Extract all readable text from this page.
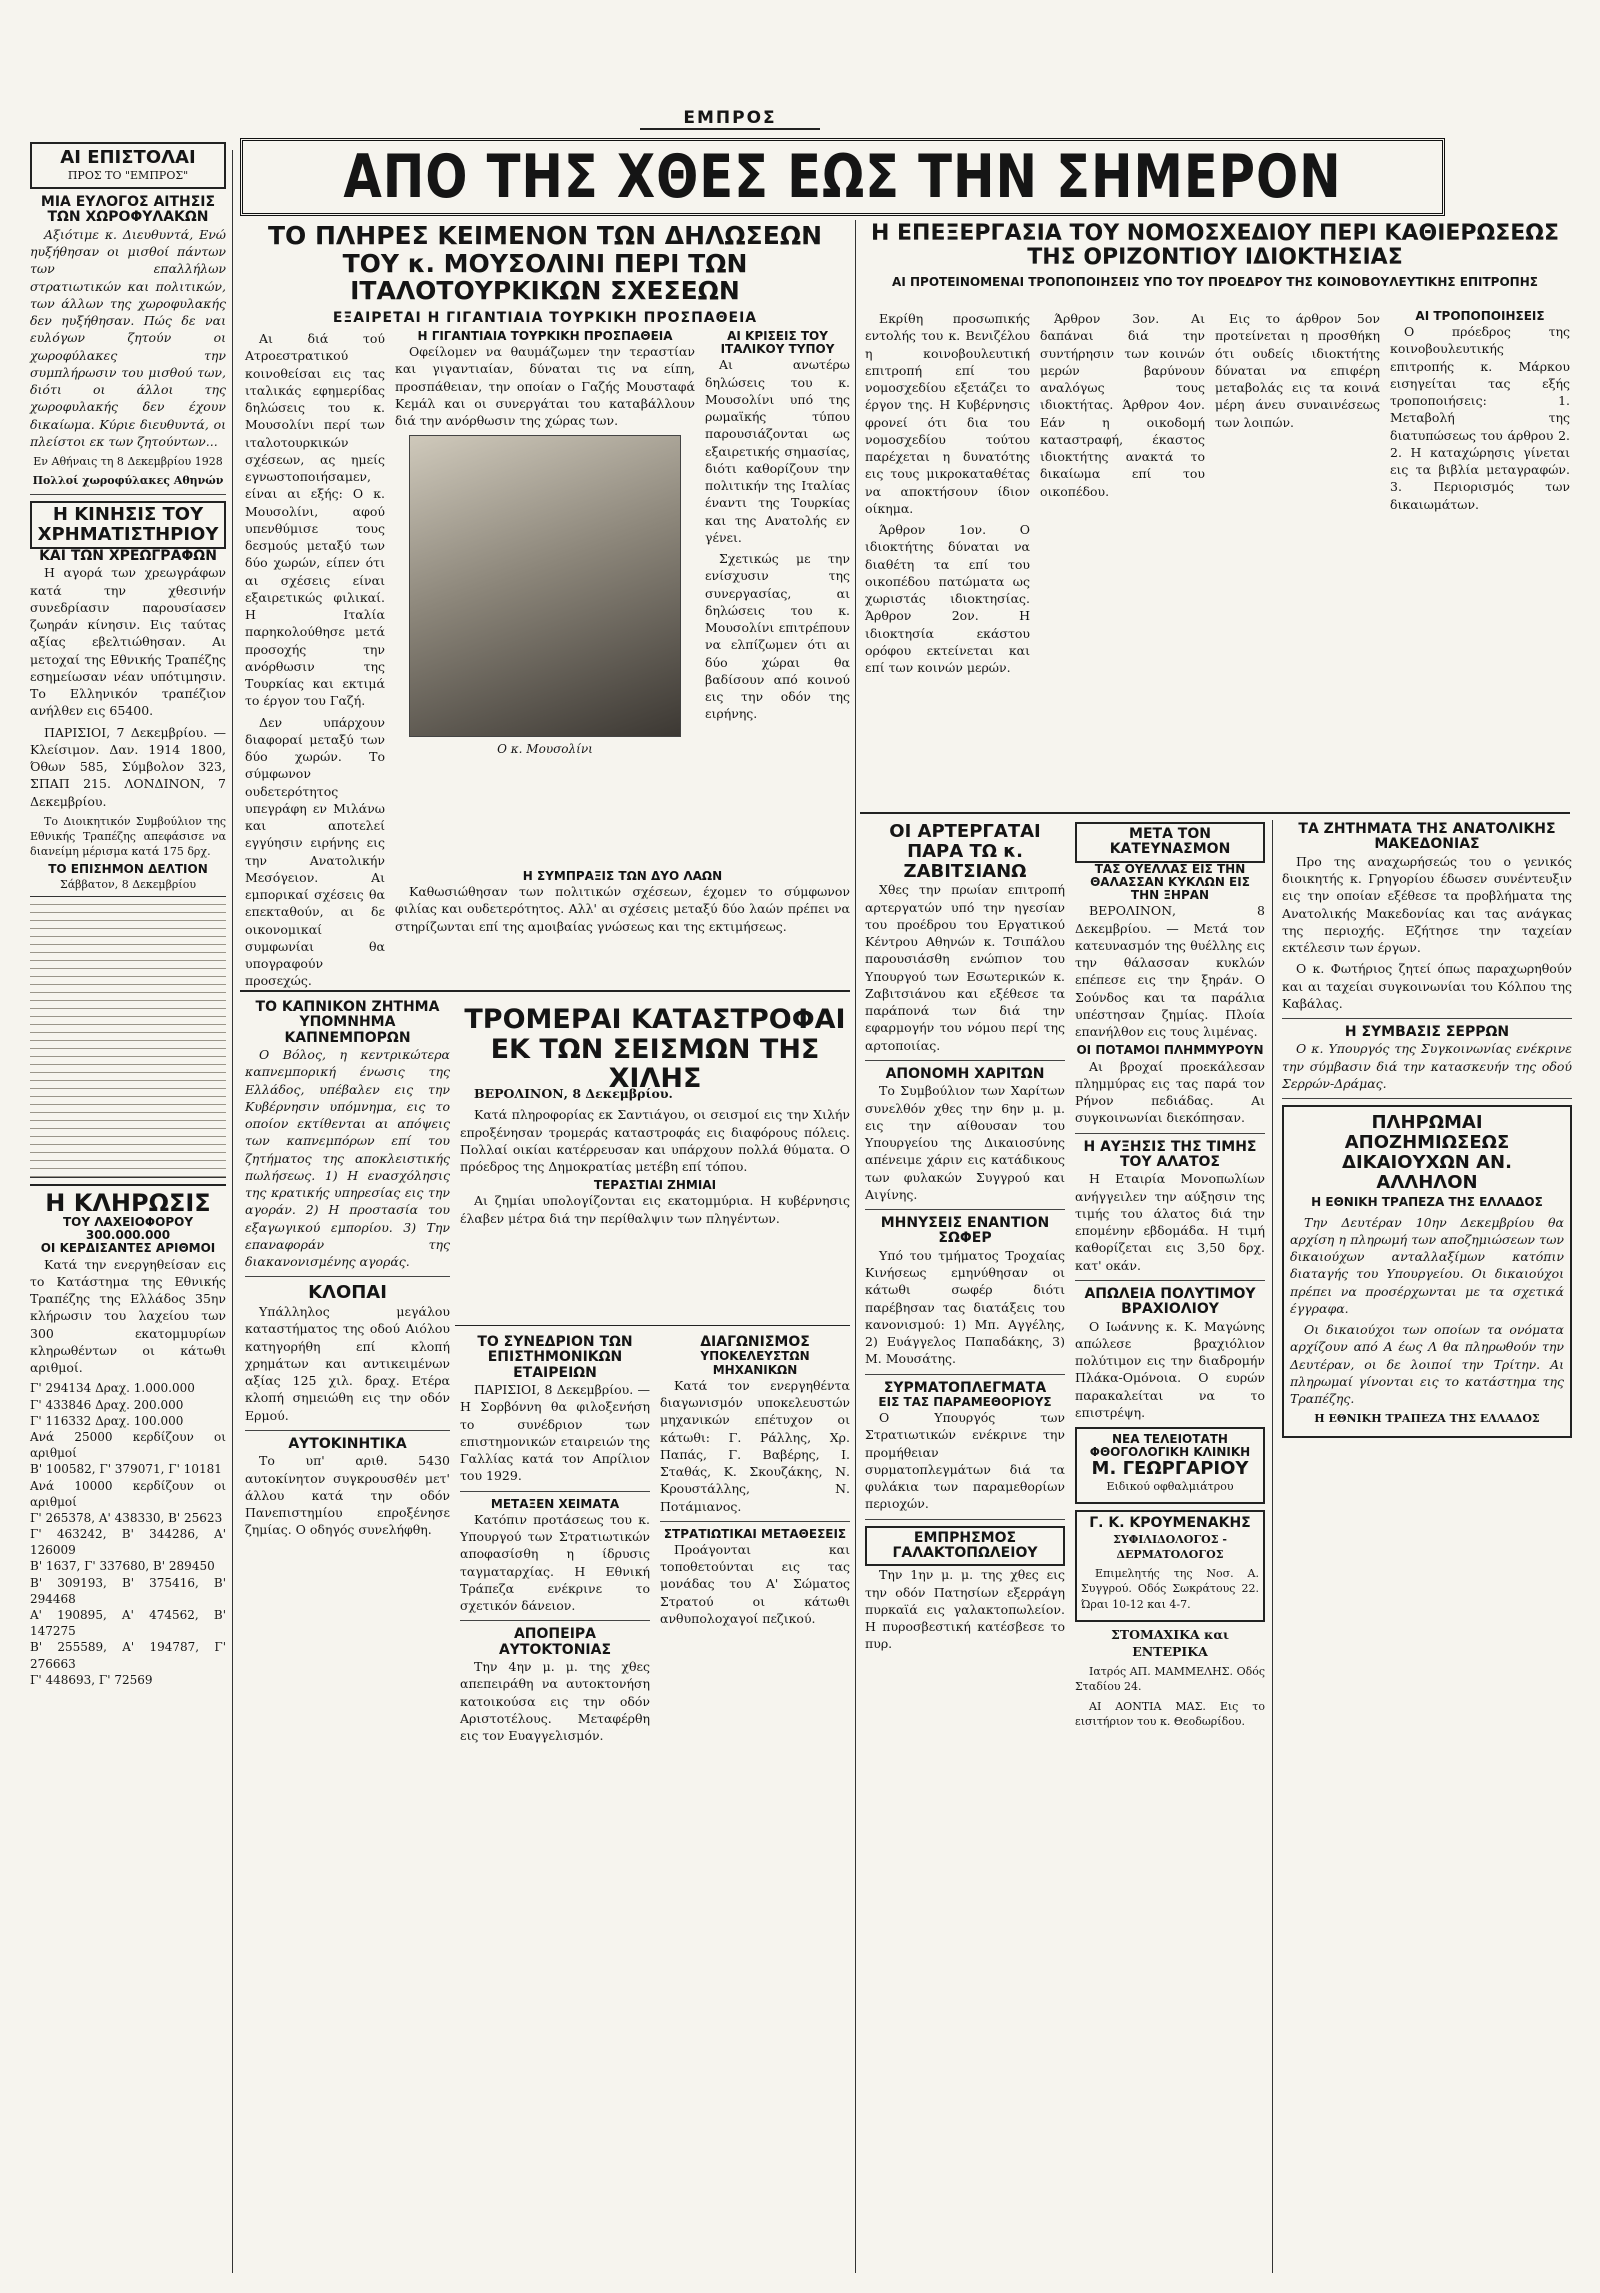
ΕΜΠΡΟΣ
ΑΠΟ ΤΗΣ ΧΘΕΣ ΕΩΣ ΤΗΝ ΣΗΜΕΡΟΝ
ΑΙ ΕΠΙΣΤΟΛΑΙ
ΠΡΟΣ ΤΟ "ΕΜΠΡΟΣ"
ΜΙΑ ΕΥΛΟΓΟΣ ΑΙΤΗΣΙΣ ΤΩΝ ΧΩΡΟΦΥΛΑΚΩΝ

Αξιότιμε κ. Διευθυντά, Ενώ ηυξήθησαν οι μισθοί πάντων των επαλλήλων στρατιωτικών και πολιτικών, των άλλων της χωροφυλακής δεν ηυξήθησαν. Πώς δε ναι ευλόγων ζητούν οι χωροφύλακες την συμπλήρωσιν του μισθού των, διότι οι άλλοι της χωροφυλακής δεν έχουν δικαίωμα. Κύριε διευθυντά, οι πλείστοι εκ των ζητούντων...

Εν Αθήναις τη 8 Δεκεμβρίου 1928

Πολλοί χωροφύλακες Αθηνών

Η ΚΙΝΗΣΙΣ ΤΟΥ ΧΡΗΜΑΤΙΣΤΗΡΙΟΥ
ΚΑΙ ΤΩΝ ΧΡΕΩΓΡΑΦΩΝ

Η αγορά των χρεωγράφων κατά την χθεσινήν συνεδρίασιν παρουσίασεν ζωηράν κίνησιν. Εις ταύτας αξίας εβελτιώθησαν. Αι μετοχαί της Εθνικής Τραπέζης εσημείωσαν νέαν υπότιμησιν. Το Ελληνικόν τραπέζιον ανήλθεν εις 65400.

ΠΑΡΙΣΙΟΙ, 7 Δεκεμβρίου. — Κλείσιμον. Δαν. 1914 1800, Όθων 585, Σύμβολον 323, ΣΠΑΠ 215. ΛΟΝΔΙΝΟΝ, 7 Δεκεμβρίου.

Το Διοικητικόν Συμβούλιον της Εθνικής Τραπέζης απεφάσισε να διανείμη μέρισμα κατά 175 δρχ.

ΤΟ ΕΠΙΣΗΜΟΝ ΔΕΛΤΙΟΝ

Σάββατον, 8 Δεκεμβρίου

Η ΚΛΗΡΩΣΙΣ
ΤΟΥ ΛΑΧΕΙΟΦΟΡΟΥ 300.000.000
ΟΙ ΚΕΡΔΙΣΑΝΤΕΣ ΑΡΙΘΜΟΙ

Κατά την ενεργηθείσαν εις το Κατάστημα της Εθνικής Τραπέζης της Ελλάδος 35ην κλήρωσιν του λαχείου των 300 εκατομμυρίων κληρωθέντων οι κάτωθι αριθμοί.

Γ' 294134 Δραχ. 1.000.000
Γ' 433846 Δραχ. 200.000
Γ' 116332 Δραχ. 100.000
Ανά 25000 κερδίζουν οι αριθμοί
Β' 100582, Γ' 379071, Γ' 10181
Ανά 10000 κερδίζουν οι αριθμοί
Γ' 265378, Α' 438330, Β' 25623
Γ' 463242, Β' 344286, Α' 126009
Β' 1637, Γ' 337680, Β' 289450
Β' 309193, Β' 375416, Β' 294468
Α' 190895, Α' 474562, Β' 147275
Β' 255589, Α' 194787, Γ' 276663
Γ' 448693, Γ' 72569
ΤΟ ΠΛΗΡΕΣ ΚΕΙΜΕΝΟΝ ΤΩΝ ΔΗΛΩΣΕΩΝ ΤΟΥ κ. ΜΟΥΣΟΛΙΝΙ ΠΕΡΙ ΤΩΝ ΙΤΑΛΟΤΟΥΡΚΙΚΩΝ ΣΧΕΣΕΩΝ
ΕΞΑΙΡΕΤΑΙ Η ΓΙΓΑΝΤΙΑΙΑ ΤΟΥΡΚΙΚΗ ΠΡΟΣΠΑΘΕΙΑ

Αι διά τού Ατροεστρατικού κοινοθείσαι εις τας ιταλικάς εφημερίδας δηλώσεις του κ. Μουσολίνι περί των ιταλοτουρκικών σχέσεων, ας ημείς εγνωστοποιήσαμεν, είναι αι εξής: Ο κ. Μουσολίνι, αφού υπενθύμισε τους δεσμούς μεταξύ των δύο χωρών, είπεν ότι αι σχέσεις είναι εξαιρετικώς φιλικαί. Η Ιταλία παρηκολούθησε μετά προσοχής την ανόρθωσιν της Τουρκίας και εκτιμά το έργον του Γαζή.

Δεν υπάρχουν διαφοραί μεταξύ των δύο χωρών. Το σύμφωνον ουδετερότητος υπεγράφη εν Μιλάνω και αποτελεί εγγύησιν ειρήνης εις την Ανατολικήν Μεσόγειον. Αι εμπορικαί σχέσεις θα επεκταθούν, αι δε οικονομικαί συμφωνίαι θα υπογραφούν προσεχώς.

Η ΓΙΓΑΝΤΙΑΙΑ ΤΟΥΡΚΙΚΗ ΠΡΟΣΠΑΘΕΙΑ

Οφείλομεν να θαυμάζωμεν την τεραστίαν και γιγαντιαίαν, δύναται τις να είπη, προσπάθειαν, την οποίαν ο Γαζής Μουσταφά Κεμάλ και οι συνεργάται του καταβάλλουν διά την ανόρθωσιν της χώρας των.

Ο κ. Μουσολίνι
ΑΙ ΚΡΙΣΕΙΣ ΤΟΥ ΙΤΑΛΙΚΟΥ ΤΥΠΟΥ

Αι ανωτέρω δηλώσεις του κ. Μουσολίνι υπό της ρωμαϊκής τύπου παρουσιάζονται ως εξαιρετικής σημασίας, διότι καθορίζουν την πολιτικήν της Ιταλίας έναντι της Τουρκίας και της Ανατολής εν γένει.

Σχετικώς με την ενίσχυσιν της συνεργασίας, αι δηλώσεις του κ. Μουσολίνι επιτρέπουν να ελπίζωμεν ότι αι δύο χώραι θα βαδίσουν από κοινού εις την οδόν της ειρήνης.

Η ΣΥΜΠΡΑΞΙΣ ΤΩΝ ΔΥΟ ΛΑΩΝ

Καθωσιώθησαν των πολιτικών σχέσεων, έχομεν το σύμφωνον φιλίας και ουδετερότητος. Αλλ' αι σχέσεις μεταξύ δύο λαών πρέπει να στηρίζωνται επί της αμοιβαίας γνώσεως και της εκτιμήσεως.

ΤΟ ΚΑΠΝΙΚΟΝ ΖΗΤΗΜΑ
ΥΠΟΜΝΗΜΑ ΚΑΠΝΕΜΠΟΡΩΝ

Ο Βόλος, η κεντρικώτερα καπνεμπορική ένωσις της Ελλάδος, υπέβαλεν εις την Κυβέρνησιν υπόμνημα, εις το οποίον εκτίθενται αι απόψεις των καπνεμπόρων επί του ζητήματος της αποκλειστικής πωλήσεως. 1) Η ενασχόλησις της κρατικής υπηρεσίας εις την αγοράν. 2) Η προστασία του εξαγωγικού εμπορίου. 3) Την επαναφοράν της διακανονισμένης αγοράς.

ΚΛΟΠΑΙ

Υπάλληλος μεγάλου καταστήματος της οδού Αιόλου κατηγορήθη επί κλοπή χρημάτων και αντικειμένων αξίας 125 χιλ. δραχ. Ετέρα κλοπή σημειώθη εις την οδόν Ερμού.

ΑΥΤΟΚΙΝΗΤΙΚΑ

Το υπ' αριθ. 5430 αυτοκίνητον συγκρουσθέν μετ' άλλου κατά την οδόν Πανεπιστημίου επροξένησε ζημίας. Ο οδηγός συνελήφθη.

ΤΡΟΜΕΡΑΙ ΚΑΤΑΣΤΡΟΦΑΙ ΕΚ ΤΩΝ ΣΕΙΣΜΩΝ ΤΗΣ ΧΙΛΗΣ

ΒΕΡΟΛΙΝΟΝ, 8 Δεκεμβρίου.

Κατά πληροφορίας εκ Σαντιάγου, οι σεισμοί εις την Χιλήν επροξένησαν τρομεράς καταστροφάς εις διαφόρους πόλεις. Πολλαί οικίαι κατέρρευσαν και υπάρχουν πολλά θύματα. Ο πρόεδρος της Δημοκρατίας μετέβη επί τόπου.

ΤΕΡΑΣΤΙΑΙ ΖΗΜΙΑΙ

Αι ζημίαι υπολογίζονται εις εκατομμύρια. Η κυβέρνησις έλαβεν μέτρα διά την περίθαλψιν των πληγέντων.

ΤΟ ΣΥΝΕΔΡΙΟΝ ΤΩΝ ΕΠΙΣΤΗΜΟΝΙΚΩΝ ΕΤΑΙΡΕΙΩΝ

ΠΑΡΙΣΙΟΙ, 8 Δεκεμβρίου. — Η Σορβόννη θα φιλοξενήση το συνέδριον των επιστημονικών εταιρειών της Γαλλίας κατά τον Απρίλιον του 1929.

ΜΕΤΑΞΕΝ ΧΕΙΜΑΤΑ

Κατόπιν προτάσεως του κ. Υπουργού των Στρατιωτικών αποφασίσθη η ίδρυσις ταγματαρχίας. Η Εθνική Τράπεζα ενέκρινε το σχετικόν δάνειον.

ΑΠΟΠΕΙΡΑ ΑΥΤΟΚΤΟΝΙΑΣ

Την 4ην μ. μ. της χθες απεπειράθη να αυτοκτονήση κατοικούσα εις την οδόν Αριστοτέλους. Μεταφέρθη εις τον Ευαγγελισμόν.

ΔΙΑΓΩΝΙΣΜΟΣ
ΥΠΟΚΕΛΕΥΣΤΩΝ ΜΗΧΑΝΙΚΩΝ

Κατά τον ενεργηθέντα διαγωνισμόν υποκελευστών μηχανικών επέτυχον οι κάτωθι: Γ. Ράλλης, Χρ. Παπάς, Γ. Βαβέρης, Ι. Σταθάς, Κ. Σκουζάκης, Ν. Κρουστάλλης, Ν. Ποτάμιανος.

ΣΤΡΑΤΙΩΤΙΚΑΙ ΜΕΤΑΘΕΣΕΙΣ

Προάγονται και τοποθετούνται εις τας μονάδας του Α' Σώματος Στρατού οι κάτωθι ανθυπολοχαγοί πεζικού.

Η ΕΠΕΞΕΡΓΑΣΙΑ ΤΟΥ ΝΟΜΟΣΧΕΔΙΟΥ ΠΕΡΙ ΚΑΘΙΕΡΩΣΕΩΣ ΤΗΣ ΟΡΙΖΟΝΤΙΟΥ ΙΔΙΟΚΤΗΣΙΑΣ
ΑΙ ΠΡΟΤΕΙΝΟΜΕΝΑΙ ΤΡΟΠΟΠΟΙΗΣΕΙΣ ΥΠΟ ΤΟΥ ΠΡΟΕΔΡΟΥ ΤΗΣ ΚΟΙΝΟΒΟΥΛΕΥΤΙΚΗΣ ΕΠΙΤΡΟΠΗΣ

Εκρίθη προσωπικής εντολής του κ. Βενιζέλου η κοινοβουλευτική επιτροπή επί του νομοσχεδίου εξετάζει το έργον της. Η Κυβέρνησις φρονεί ότι δια του νομοσχεδίου τούτου παρέχεται η δυνατότης εις τους μικροκαταθέτας να αποκτήσουν ίδιον οίκημα.

Άρθρον 1ον. Ο ιδιοκτήτης δύναται να διαθέτη τα επί του οικοπέδου πατώματα ως χωριστάς ιδιοκτησίας. Άρθρον 2ον. Η ιδιοκτησία εκάστου ορόφου εκτείνεται και επί των κοινών μερών.

Άρθρον 3ον. Αι δαπάναι διά την συντήρησιν των κοινών μερών βαρύνουν αναλόγως τους ιδιοκτήτας. Άρθρον 4ον. Εάν η οικοδομή καταστραφή, έκαστος ιδιοκτήτης ανακτά το δικαίωμα επί του οικοπέδου.

Εις το άρθρον 5ον προτείνεται η προσθήκη ότι ουδείς ιδιοκτήτης δύναται να επιφέρη μεταβολάς εις τα κοινά μέρη άνευ συναινέσεως των λοιπών.

ΑΙ ΤΡΟΠΟΠΟΙΗΣΕΙΣ

Ο πρόεδρος της κοινοβουλευτικής επιτροπής κ. Μάρκου εισηγείται τας εξής τροποποιήσεις: 1. Μεταβολή της διατυπώσεως του άρθρου 2. 2. Η καταχώρησις γίνεται εις τα βιβλία μεταγραφών. 3. Περιορισμός των δικαιωμάτων.

ΟΙ ΑΡΤΕΡΓΑΤΑΙ ΠΑΡΑ ΤΩ κ. ΖΑΒΙΤΣΙΑΝΩ

Χθες την πρωίαν επιτροπή αρτεργατών υπό την ηγεσίαν του προέδρου του Εργατικού Κέντρου Αθηνών κ. Τσιπάλου παρουσιάσθη ενώπιον του Υπουργού των Εσωτερικών κ. Ζαβιτσιάνου και εξέθεσε τα παράπονά των διά την εφαρμογήν του νόμου περί της αρτοποιίας.

ΑΠΟΝΟΜΗ ΧΑΡΙΤΩΝ

Το Συμβούλιον των Χαρίτων συνελθόν χθες την 6ην μ. μ. εις την αίθουσαν του Υπουργείου της Δικαιοσύνης απένειμε χάριν εις κατάδικους των φυλακών Συγγρού και Αιγίνης.

ΜΗΝΥΣΕΙΣ ΕΝΑΝΤΙΟΝ ΣΩΦΕΡ

Υπό του τμήματος Τροχαίας Κινήσεως εμηνύθησαν οι κάτωθι σωφέρ διότι παρέβησαν τας διατάξεις του κανονισμού: 1) Μπ. Αγγέλης, 2) Ευάγγελος Παπαδάκης, 3) Μ. Μουσάτης.

ΣΥΡΜΑΤΟΠΛΕΓΜΑΤΑ
ΕΙΣ ΤΑΣ ΠΑΡΑΜΕΘΟΡΙΟΥΣ

Ο Υπουργός των Στρατιωτικών ενέκρινε την προμήθειαν συρματοπλεγμάτων διά τα φυλάκια των παραμεθορίων περιοχών.

ΕΜΠΡΗΣΜΟΣ ΓΑΛΑΚΤΟΠΩΛΕΙΟΥ

Την 1ην μ. μ. της χθες εις την οδόν Πατησίων εξερράγη πυρκαϊά εις γαλακτοπωλείον. Η πυροσβεστική κατέσβεσε το πυρ.

ΜΕΤΑ ΤΟΝ ΚΑΤΕΥΝΑΣΜΟΝ
ΤΑΣ ΟΥΕΛΛΑΣ ΕΙΣ ΤΗΝ ΘΑΛΑΣΣΑΝ ΚΥΚΛΩΝ ΕΙΣ ΤΗΝ ΞΗΡΑΝ

ΒΕΡΟΛΙΝΟΝ, 8 Δεκεμβρίου. — Μετά τον κατευνασμόν της θυέλλης εις την θάλασσαν κυκλών επέπεσε εις την ξηράν. Ο Σούνδος και τα παράλια υπέστησαν ζημίας. Πλοία επανήλθον εις τους λιμένας.

ΟΙ ΠΟΤΑΜΟΙ ΠΛΗΜΜΥΡΟΥΝ

Αι βροχαί προεκάλεσαν πλημμύρας εις τας παρά τον Ρήνον πεδιάδας. Αι συγκοινωνίαι διεκόπησαν.

Η ΑΥΞΗΣΙΣ ΤΗΣ ΤΙΜΗΣ ΤΟΥ ΑΛΑΤΟΣ

Η Εταιρία Μονοπωλίων ανήγγειλεν την αύξησιν της τιμής του άλατος διά την επομένην εβδομάδα. Η τιμή καθορίζεται εις 3,50 δρχ. κατ' οκάν.

ΑΠΩΛΕΙΑ ΠΟΛΥΤΙΜΟΥ ΒΡΑΧΙΟΛΙΟΥ

Ο Ιωάννης κ. Κ. Μαγώνης απώλεσε βραχιόλιον πολύτιμον εις την διαδρομήν Πλάκα-Ομόνοια. Ο ευρών παρακαλείται να το επιστρέψη.

ΝΕΑ ΤΕΛΕΙΟΤΑΤΗ ΦΘΟΓΟΛΟΓΙΚΗ ΚΛΙΝΙΚΗ
Μ. ΓΕΩΡΓΑΡΙΟΥ

Ειδικού οφθαλμιάτρου

Γ. Κ. ΚΡΟΥΜΕΝΑΚΗΣ

ΣΥΦΙΛΙΔΟΛΟΓΟΣ - ΔΕΡΜΑΤΟΛΟΓΟΣ

Επιμελητής της Νοσ. Α. Συγγρού. Οδός Σωκράτους 22. Ώραι 10-12 και 4-7.

ΣΤΟΜΑΧΙΚΑ και ΕΝΤΕΡΙΚΑ

Ιατρός ΑΠ. ΜΑΜΜΕΛΗΣ. Οδός Σταδίου 24.

ΑΙ ΑΟΝΤΙΑ ΜΑΣ. Εις το εισιτήριον του κ. Θεοδωρίδου.

ΤΑ ΖΗΤΗΜΑΤΑ ΤΗΣ ΑΝΑΤΟΛΙΚΗΣ ΜΑΚΕΔΟΝΙΑΣ

Προ της αναχωρήσεώς του ο γενικός διοικητής κ. Γρηγορίου έδωσεν συνέντευξιν εις την οποίαν εξέθεσε τα προβλήματα της Ανατολικής Μακεδονίας και τας ανάγκας της περιοχής. Εζήτησε την ταχείαν εκτέλεσιν των έργων.

Ο κ. Φωτήριος ζητεί όπως παραχωρηθούν και αι ταχείαι συγκοινωνίαι του Κόλπου της Καβάλας.

Η ΣΥΜΒΑΣΙΣ ΣΕΡΡΩΝ

Ο κ. Υπουργός της Συγκοινωνίας ενέκρινε την σύμβασιν διά την κατασκευήν της οδού Σερρών-Δράμας.

ΠΛΗΡΩΜΑΙ ΑΠΟΖΗΜΙΩΣΕΩΣ ΔΙΚΑΙΟΥΧΩΝ ΑΝ. ΑΛΛΗΛΟΝ
Η ΕΘΝΙΚΗ ΤΡΑΠΕΖΑ ΤΗΣ ΕΛΛΑΔΟΣ

Την Δευτέραν 10ην Δεκεμβρίου θα αρχίση η πληρωμή των αποζημιώσεων των δικαιούχων ανταλλαξίμων κατόπιν διαταγής του Υπουργείου. Οι δικαιούχοι πρέπει να προσέρχωνται με τα σχετικά έγγραφα.

Οι δικαιούχοι των οποίων τα ονόματα αρχίζουν από Α έως Λ θα πληρωθούν την Δευτέραν, οι δε λοιποί την Τρίτην. Αι πληρωμαί γίνονται εις το κατάστημα της Τραπέζης.

Η ΕΘΝΙΚΗ ΤΡΑΠΕΖΑ ΤΗΣ ΕΛΛΑΔΟΣ
